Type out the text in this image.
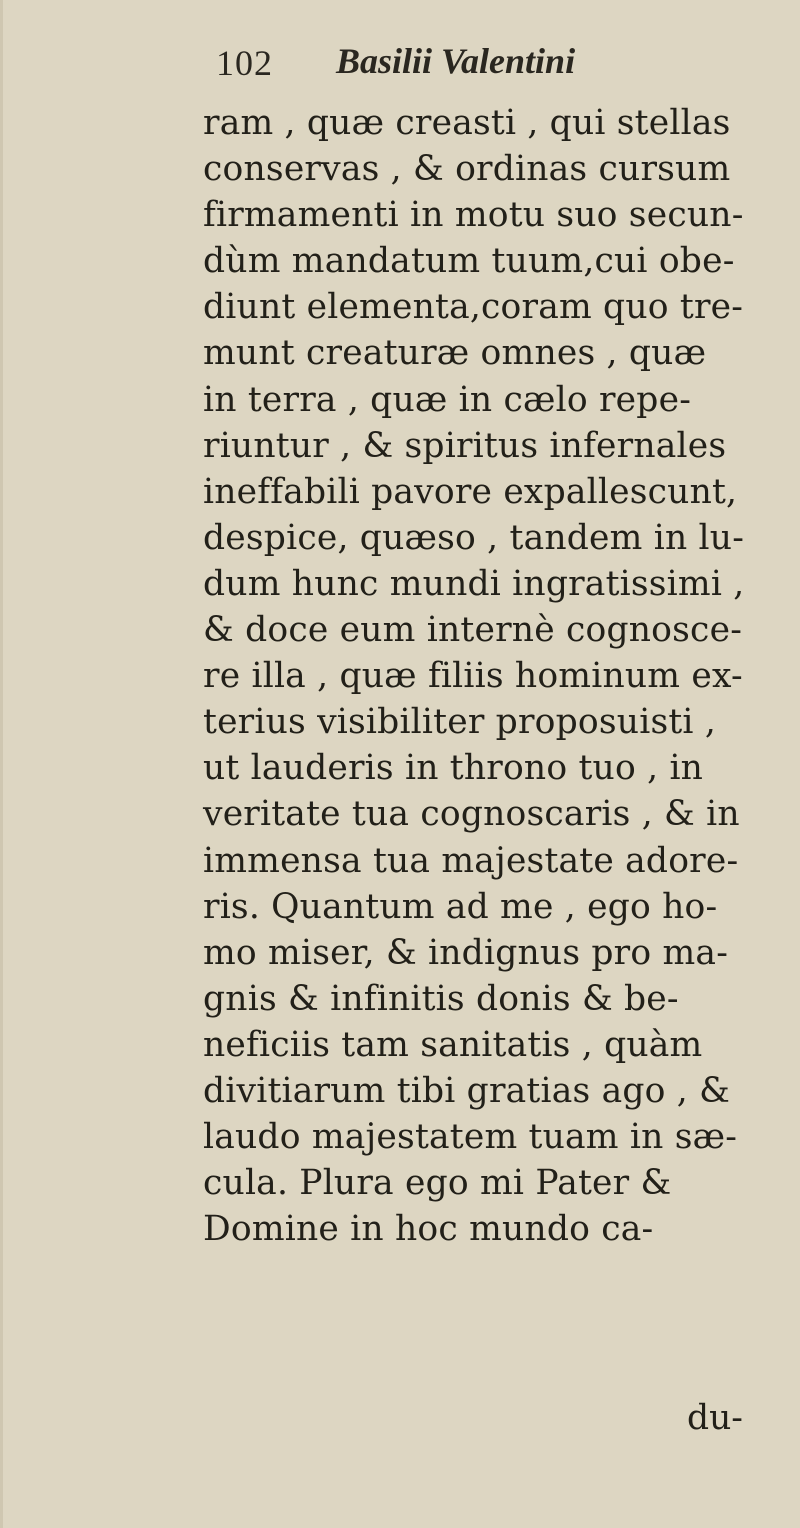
102 Basilii Valentini
ram , quæ creasti , qui stellas
conservas , & ordinas cursum
firmamenti in motu suo secun-
dùm mandatum tuum,cui obe-
diunt elementa,coram quo tre-
munt creaturæ omnes , quæ
in terra , quæ in cælo repe-
riuntur , & spiritus infernales
ineffabili pavore expallescunt,
despice, quæso , tandem in lu-
dum hunc mundi ingratissimi ,
& doce eum internè cognosce-
re illa , quæ filiis hominum ex-
terius visibiliter proposuisti ,
ut lauderis in throno tuo , in
veritate tua cognoscaris , & in
immensa tua majestate adore-
ris. Quantum ad me , ego ho-
mo miser, & indignus pro ma-
gnis & infinitis donis & be-
neficiis tam sanitatis , quàm
divitiarum tibi gratias ago , &
laudo majestatem tuam in sæ-
cula. Plura ego mi Pater &
Domine in hoc mundo ca-
du-
